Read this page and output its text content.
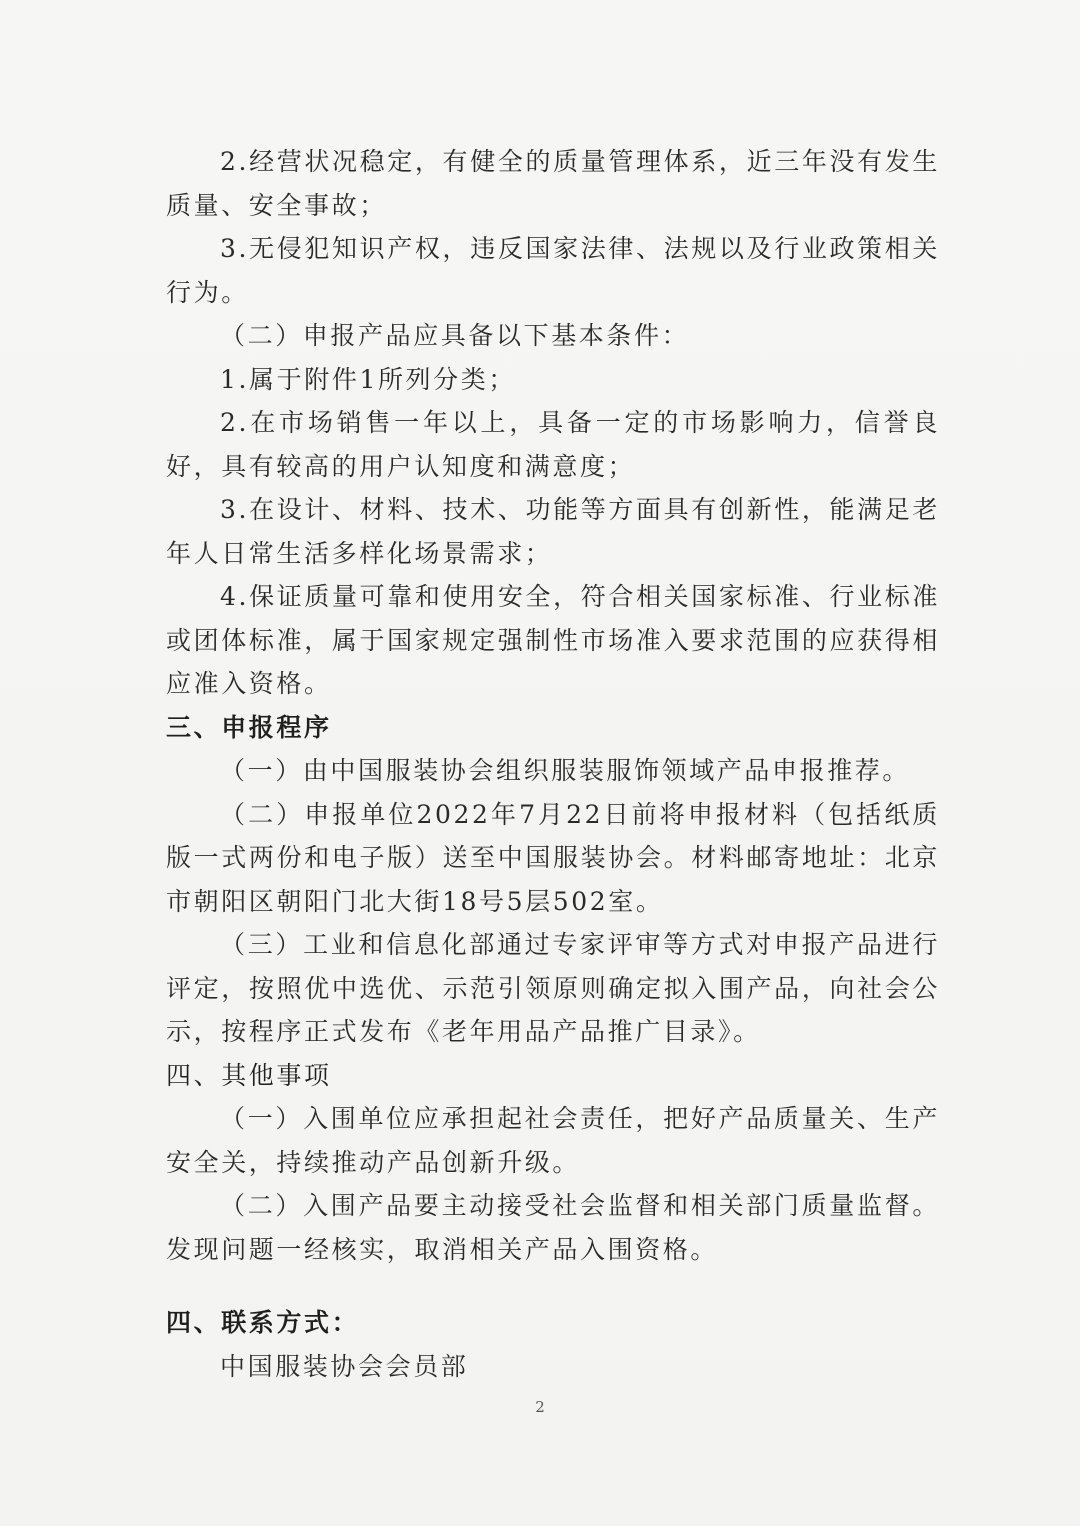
2.经营状况稳定，有健全的质量管理体系，近三年没有发生质量、安全事故；

3.无侵犯知识产权，违反国家法律、法规以及行业政策相关行为。

（二）申报产品应具备以下基本条件：

1.属于附件1所列分类；

2.在市场销售一年以上，具备一定的市场影响力，信誉良好，具有较高的用户认知度和满意度；

3.在设计、材料、技术、功能等方面具有创新性，能满足老年人日常生活多样化场景需求；

4.保证质量可靠和使用安全，符合相关国家标准、行业标准或团体标准，属于国家规定强制性市场准入要求范围的应获得相应准入资格。

三、申报程序

（一）由中国服装协会组织服装服饰领域产品申报推荐。

（二）申报单位2022年7月22日前将申报材料（包括纸质版一式两份和电子版）送至中国服装协会。材料邮寄地址：北京市朝阳区朝阳门北大街18号5层502室。

（三）工业和信息化部通过专家评审等方式对申报产品进行评定，按照优中选优、示范引领原则确定拟入围产品，向社会公示，按程序正式发布《老年用品产品推广目录》。

四、其他事项

（一）入围单位应承担起社会责任，把好产品质量关、生产安全关，持续推动产品创新升级。

（二）入围产品要主动接受社会监督和相关部门质量监督。发现问题一经核实，取消相关产品入围资格。

四、联系方式：

中国服装协会会员部

2
